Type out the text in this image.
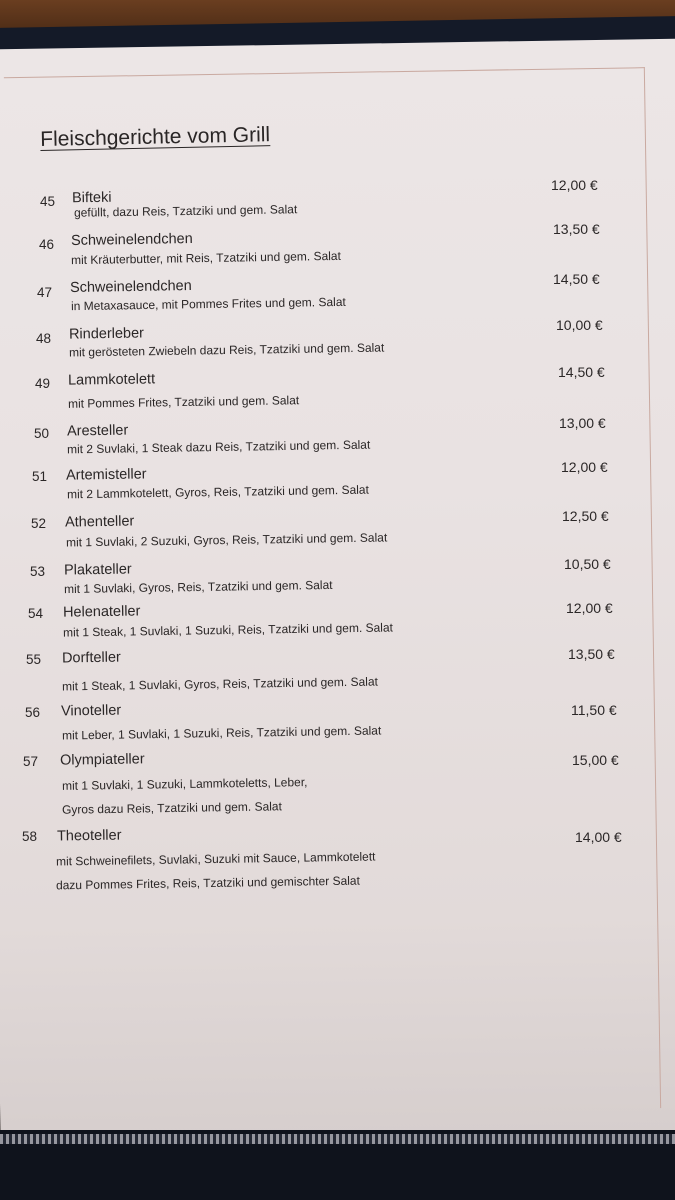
Fleischgerichte vom Grill
45 Bifteki
gefüllt, dazu Reis, Tzatziki und gem. Salat
12,00 €
46 Schweinelendchen
mit Kräuterbutter, mit Reis, Tzatziki und gem. Salat
13,50 €
47 Schweinelendchen
in Metaxasauce, mit Pommes Frites und gem. Salat
14,50 €
48 Rinderleber
mit gerösteten Zwiebeln dazu Reis, Tzatziki und gem. Salat
10,00 €
49 Lammkotelett
mit Pommes Frites, Tzatziki und gem. Salat
14,50 €
50 Aresteller
mit 2 Suvlaki, 1 Steak dazu Reis, Tzatziki und gem. Salat
13,00 €
51 Artemisteller
mit 2 Lammkotelett, Gyros, Reis, Tzatziki und gem. Salat
12,00 €
52 Athenteller
mit 1 Suvlaki, 2 Suzuki, Gyros, Reis, Tzatziki und gem. Salat
12,50 €
53 Plakateller
mit 1 Suvlaki, Gyros, Reis, Tzatziki und gem. Salat
10,50 €
54 Helenateller
mit 1 Steak, 1 Suvlaki, 1 Suzuki, Reis, Tzatziki und gem. Salat
12,00 €
55 Dorfteller
mit 1 Steak, 1 Suvlaki, Gyros, Reis, Tzatziki und gem. Salat
13,50 €
56 Vinoteller
mit Leber, 1 Suvlaki, 1 Suzuki, Reis, Tzatziki und gem. Salat
11,50 €
57 Olympiateller
mit 1 Suvlaki, 1 Suzuki, Lammkoteletts, Leber,
Gyros dazu Reis, Tzatziki und gem. Salat
15,00 €
58 Theoteller
mit Schweinefilets, Suvlaki, Suzuki mit Sauce, Lammkotelett
dazu Pommes Frites, Reis, Tzatziki und gemischter Salat
14,00 €
